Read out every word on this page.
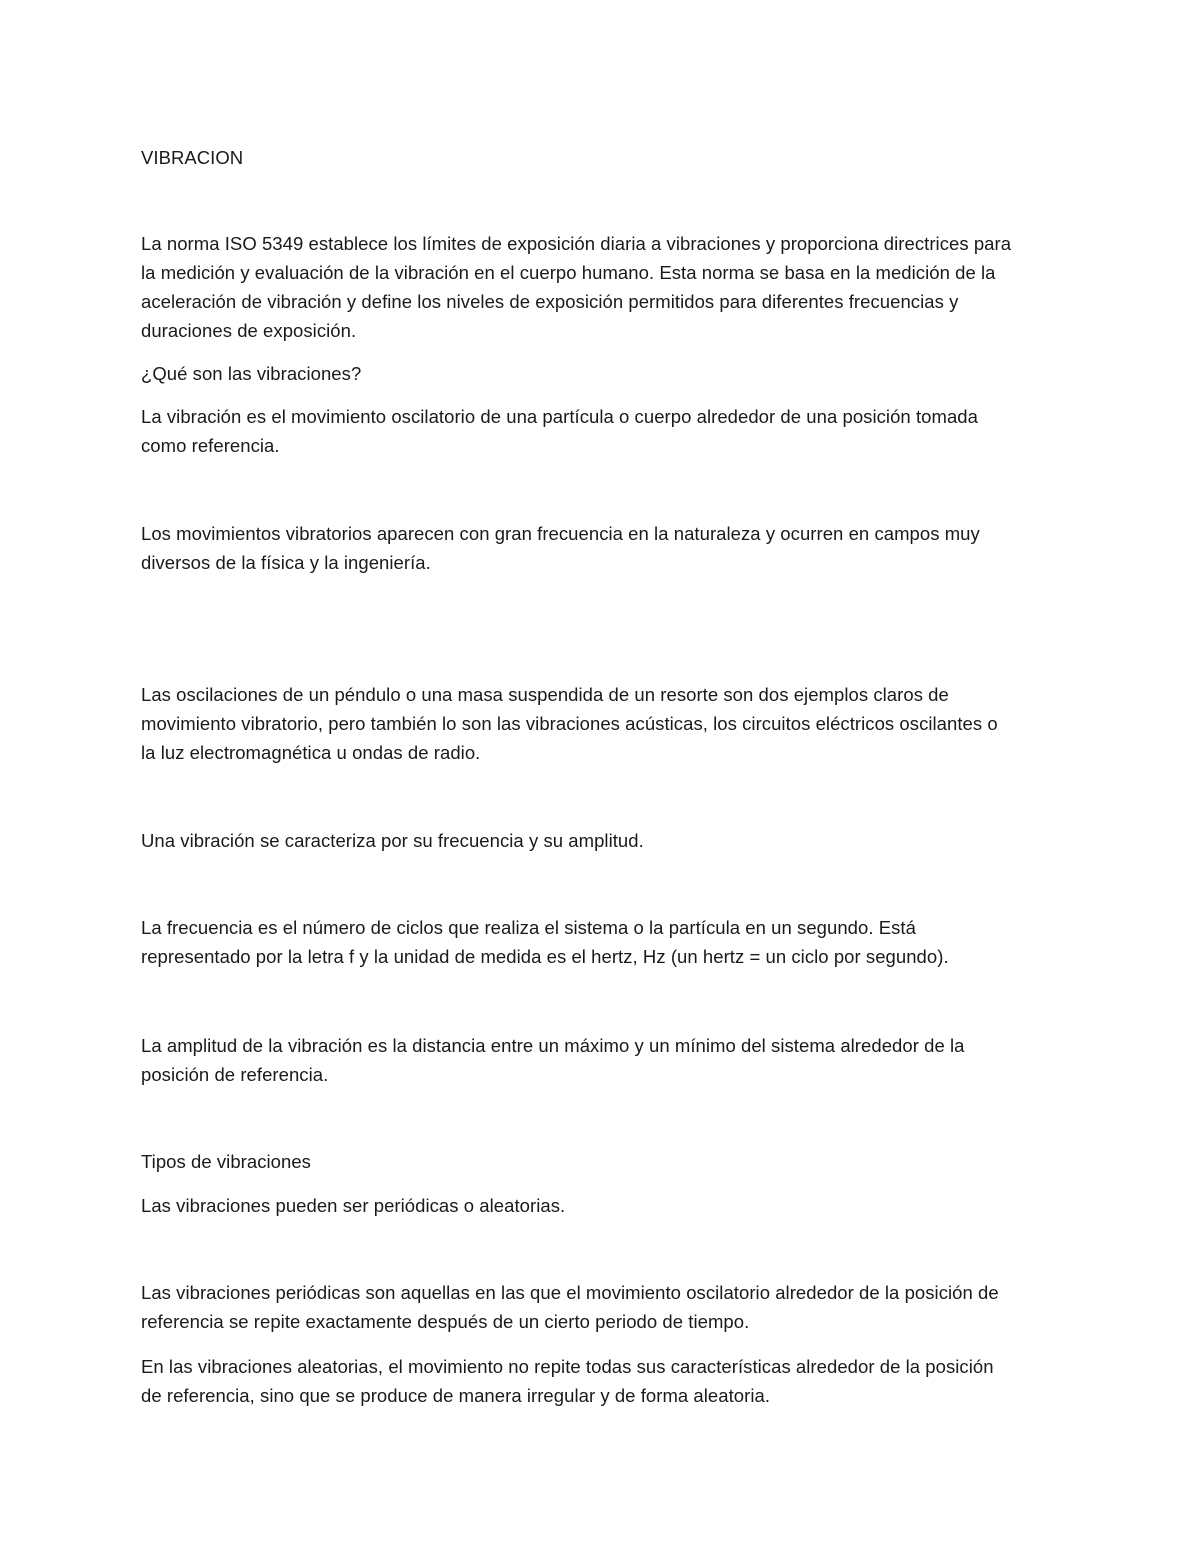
VIBRACION

La norma ISO 5349 establece los límites de exposición diaria a vibraciones y proporciona directrices para
la medición y evaluación de la vibración en el cuerpo humano. Esta norma se basa en la medición de la
aceleración de vibración y define los niveles de exposición permitidos para diferentes frecuencias y
duraciones de exposición.

¿Qué son las vibraciones?

La vibración es el movimiento oscilatorio de una partícula o cuerpo alrededor de una posición tomada
como referencia.

Los movimientos vibratorios aparecen con gran frecuencia en la naturaleza y ocurren en campos muy
diversos de la física y la ingeniería.

Las oscilaciones de un péndulo o una masa suspendida de un resorte son dos ejemplos claros de
movimiento vibratorio, pero también lo son las vibraciones acústicas, los circuitos eléctricos oscilantes o
la luz electromagnética u ondas de radio.

Una vibración se caracteriza por su frecuencia y su amplitud.

La frecuencia es el número de ciclos que realiza el sistema o la partícula en un segundo. Está
representado por la letra f y la unidad de medida es el hertz, Hz (un hertz = un ciclo por segundo).

La amplitud de la vibración es la distancia entre un máximo y un mínimo del sistema alrededor de la
posición de referencia.

Tipos de vibraciones

Las vibraciones pueden ser periódicas o aleatorias.

Las vibraciones periódicas son aquellas en las que el movimiento oscilatorio alrededor de la posición de
referencia se repite exactamente después de un cierto periodo de tiempo.

En las vibraciones aleatorias, el movimiento no repite todas sus características alrededor de la posición
de referencia, sino que se produce de manera irregular y de forma aleatoria.
